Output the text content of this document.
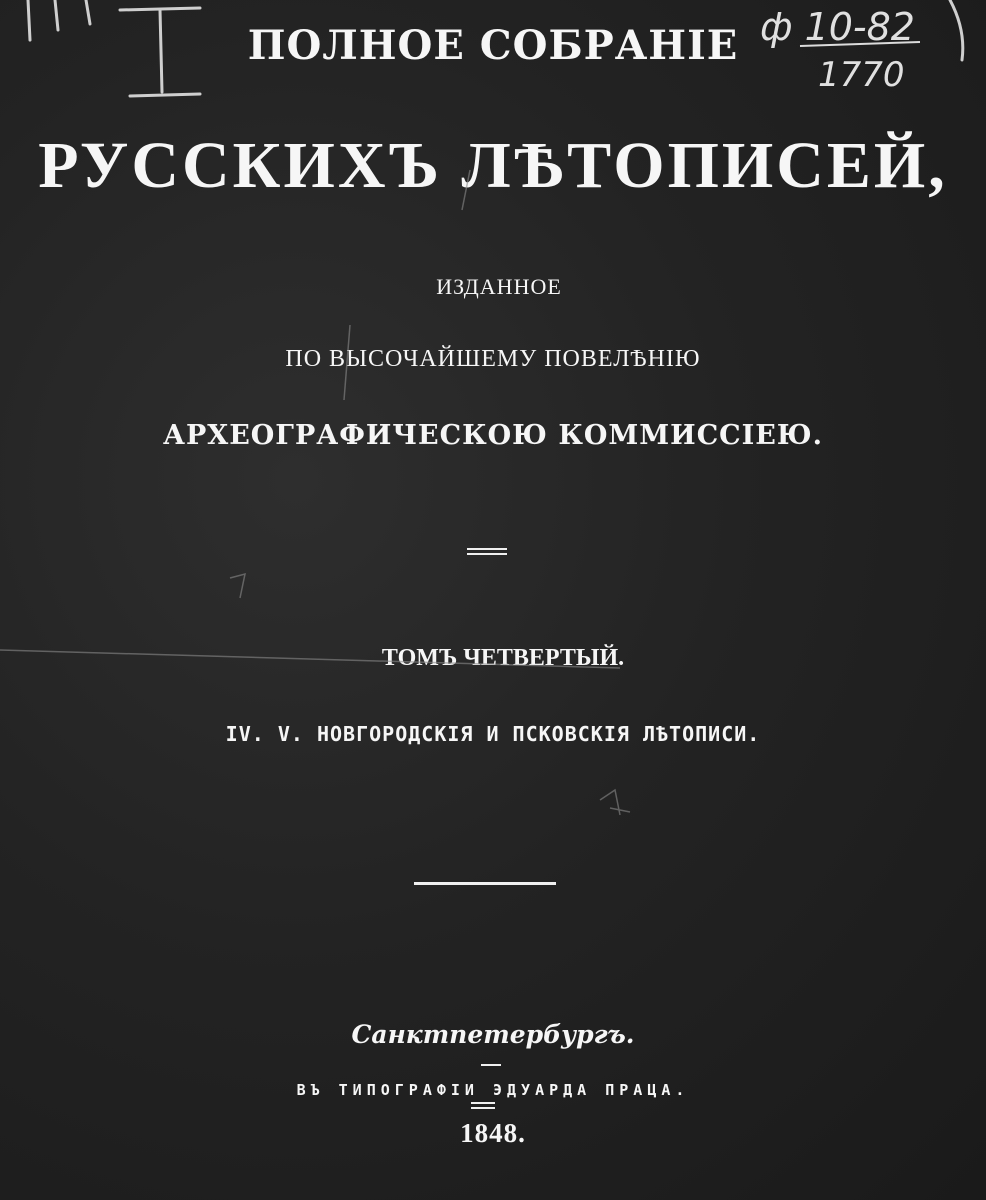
ф 10-82
1770
ПОЛНОЕ СОБРАНІЕ
РУССКИХЪ ЛѢТОПИСЕЙ,
ИЗДАННОЕ
ПО ВЫСОЧАЙШЕМУ ПОВЕЛѢНІЮ
АРХЕОГРАФИЧЕСКОЮ КОММИССІЕЮ.
ТОМЪ ЧЕТВЕРТЫЙ.
IV. V. НОВГОРОДСКІЯ И ПСКОВСКІЯ ЛѢТОПИСИ.
Санктпетербургъ.
ВЪ ТИПОГРАФІИ ЭДУАРДА ПРАЦА.
1848.
